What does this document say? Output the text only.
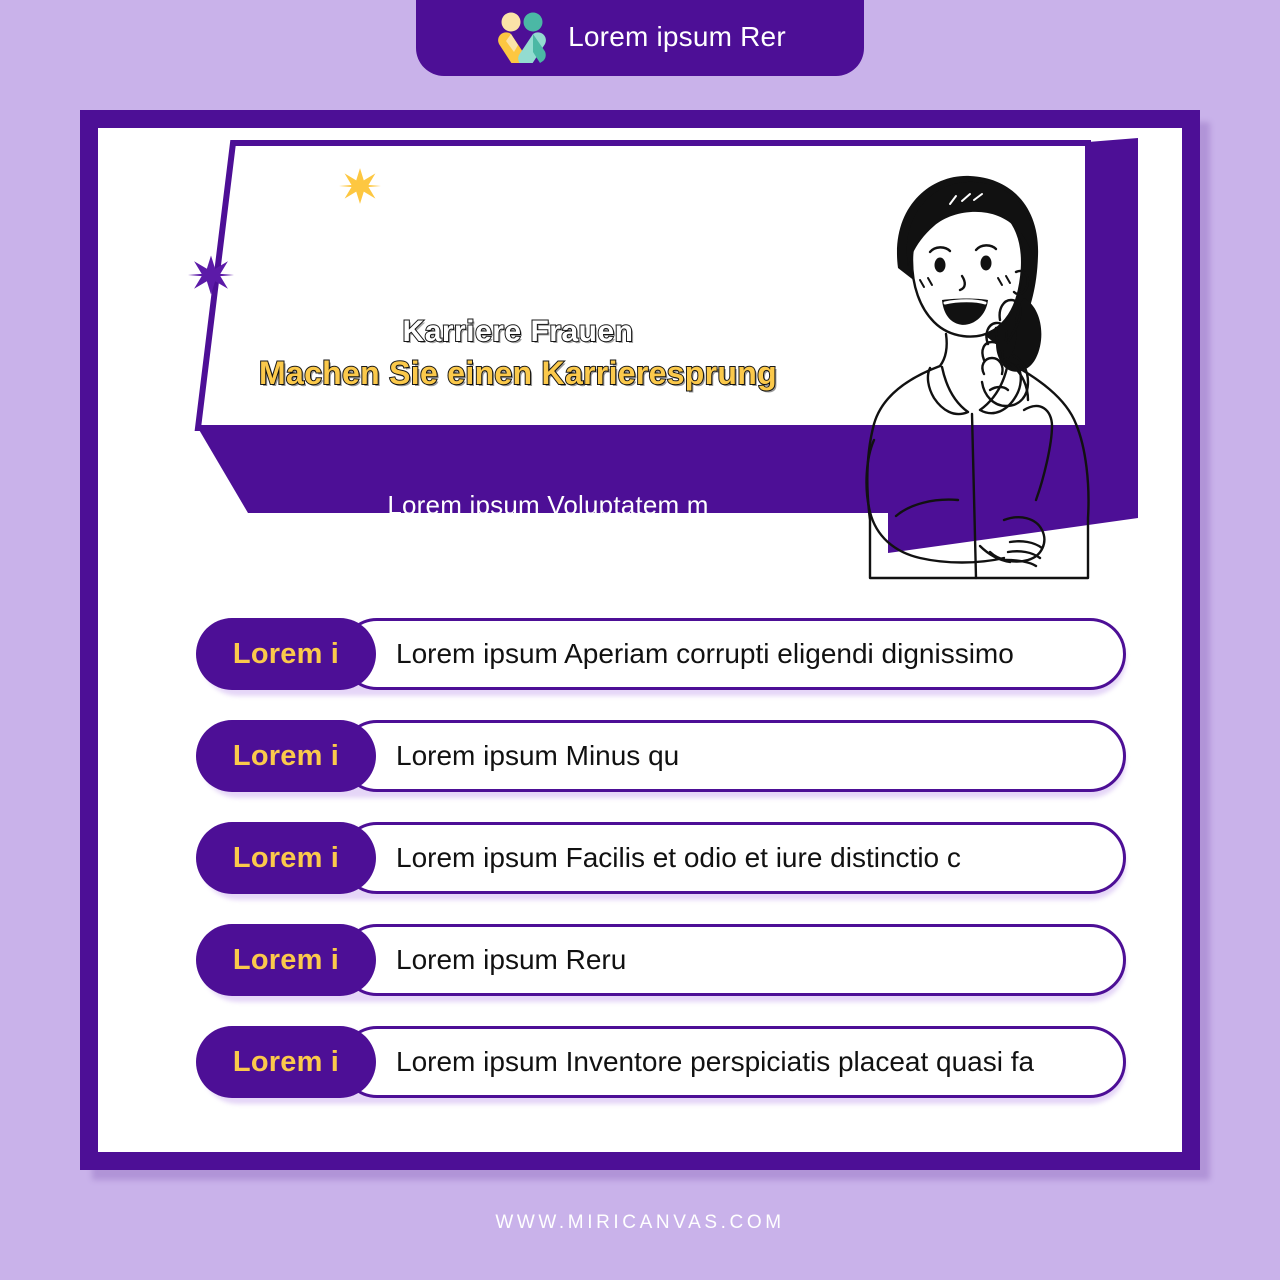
Lorem ipsum Rer
Karriere Frauen
Machen Sie einen Karrieresprung
Lorem ipsum Voluptatem m
Lorem ipsum Aperiam corrupti eligendi dignissimo
Lorem i
Lorem ipsum Minus qu
Lorem i
Lorem ipsum Facilis et odio et iure distinctio c
Lorem i
Lorem ipsum Reru
Lorem i
Lorem ipsum Inventore perspiciatis placeat quasi fa
Lorem i
WWW.MIRICANVAS.COM
